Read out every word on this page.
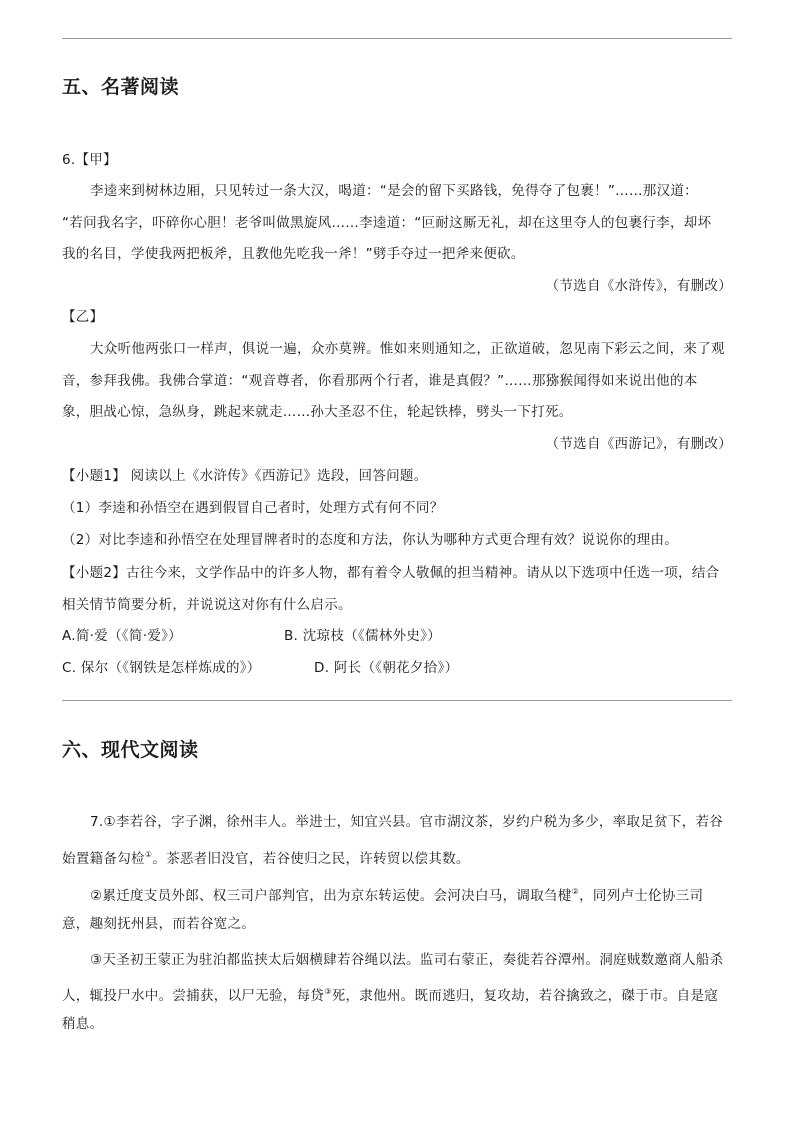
五、名著阅读
6.【甲】
李逵来到树林边厢，只见转过一条大汉，喝道：“是会的留下买路钱，免得夺了包裹！”……那汉道：
“若问我名字，吓碎你心胆！老爷叫做黑旋风……李逵道：“叵耐这厮无礼，却在这里夺人的包裹行李，却坏
我的名目，学使我两把板斧，且教他先吃我一斧！”劈手夺过一把斧来便砍。
（节选自《水浒传》，有删改）
【乙】
大众听他两张口一样声，俱说一遍，众亦莫辨。惟如来则通知之，正欲道破，忽见南下彩云之间，来了观
音，参拜我佛。我佛合掌道：“观音尊者，你看那两个行者，谁是真假？”……那猕猴闻得如来说出他的本
象，胆战心惊，急纵身，跳起来就走……孙大圣忍不住，轮起铁棒，劈头一下打死。
（节选自《西游记》，有删改）
【小题1】 阅读以上《水浒传》《西游记》选段，回答问题。
（1）李逵和孙悟空在遇到假冒自己者时，处理方式有何不同？
（2）对比李逵和孙悟空在处理冒牌者时的态度和方法，你认为哪种方式更合理有效？说说你的理由。
【小题2】古往今来，文学作品中的许多人物，都有着令人敬佩的担当精神。请从以下选项中任选一项，结合
相关情节简要分析，并说说这对你有什么启示。
A.简·爱（《简·爱》）	B. 沈琼枝（《儒林外史》）
C. 保尔（《钢铁是怎样炼成的》）	D. 阿长（《朝花夕拾》）
六、现代文阅读
7.①李若谷，字子渊，徐州丰人。举进士，知宜兴县。官市湖汶茶，岁约户税为多少，率取足贫下，若谷
始置籍备勾检①。茶恶者旧没官，若谷使归之民，许转贸以偿其数。
②累迁度支员外郎、权三司户部判官，出为京东转运使。会河决白马，调取刍楗②，同列卢士伦协三司
意，趣刻抚州县，而若谷宽之。
③天圣初王蒙正为驻泊都监挟太后姻横肆若谷绳以法。监司右蒙正，奏徙若谷潭州。洞庭贼数邀商人船杀
人，辄投尸水中。尝捕获，以尸无验，每贷③死，隶他州。既而逃归，复攻劫，若谷擒致之，磔于市。自是寇
稍息。
